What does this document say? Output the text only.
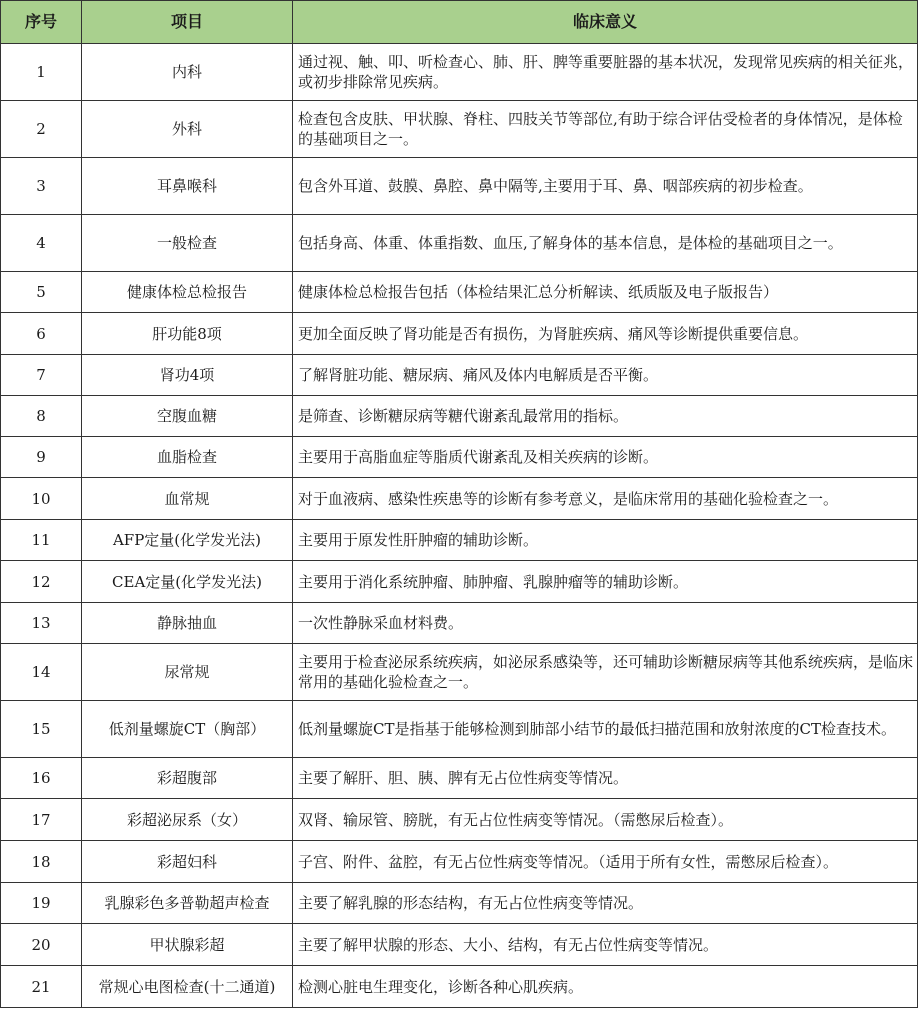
序号	项目	临床意义
1	内科	通过视、触、叩、听检查心、肺、肝、脾等重要脏器的基本状况，发现常见疾病的相关征兆，或初步排除常见疾病。
2	外科	检查包含皮肤、甲状腺、脊柱、四肢关节等部位,有助于综合评估受检者的身体情况，是体检的基础项目之一。
3	耳鼻喉科	包含外耳道、鼓膜、鼻腔、鼻中隔等,主要用于耳、鼻、咽部疾病的初步检查。
4	一般检查	包括身高、体重、体重指数、血压,了解身体的基本信息，是体检的基础项目之一。
5	健康体检总检报告	健康体检总检报告包括（体检结果汇总分析解读、纸质版及电子版报告）
6	肝功能8项	更加全面反映了肾功能是否有损伤，为肾脏疾病、痛风等诊断提供重要信息。
7	肾功4项	了解肾脏功能、糖尿病、痛风及体内电解质是否平衡。
8	空腹血糖	是筛查、诊断糖尿病等糖代谢紊乱最常用的指标。
9	血脂检查	主要用于高脂血症等脂质代谢紊乱及相关疾病的诊断。
10	血常规	对于血液病、感染性疾患等的诊断有参考意义，是临床常用的基础化验检查之一。
11	AFP定量(化学发光法)	主要用于原发性肝肿瘤的辅助诊断。
12	CEA定量(化学发光法)	主要用于消化系统肿瘤、肺肿瘤、乳腺肿瘤等的辅助诊断。
13	静脉抽血	一次性静脉采血材料费。
14	尿常规	主要用于检查泌尿系统疾病，如泌尿系感染等，还可辅助诊断糖尿病等其他系统疾病，是临床常用的基础化验检查之一。
15	低剂量螺旋CT（胸部）	低剂量螺旋CT是指基于能够检测到肺部小结节的最低扫描范围和放射浓度的CT检查技术。
16	彩超腹部	主要了解肝、胆、胰、脾有无占位性病变等情况。
17	彩超泌尿系（女）	双肾、输尿管、膀胱，有无占位性病变等情况。（需憋尿后检查）。
18	彩超妇科	子宫、附件、盆腔，有无占位性病变等情况。（适用于所有女性，需憋尿后检查）。
19	乳腺彩色多普勒超声检查	主要了解乳腺的形态结构，有无占位性病变等情况。
20	甲状腺彩超	主要了解甲状腺的形态、大小、结构，有无占位性病变等情况。
21	常规心电图检查(十二通道)	检测心脏电生理变化，诊断各种心肌疾病。
